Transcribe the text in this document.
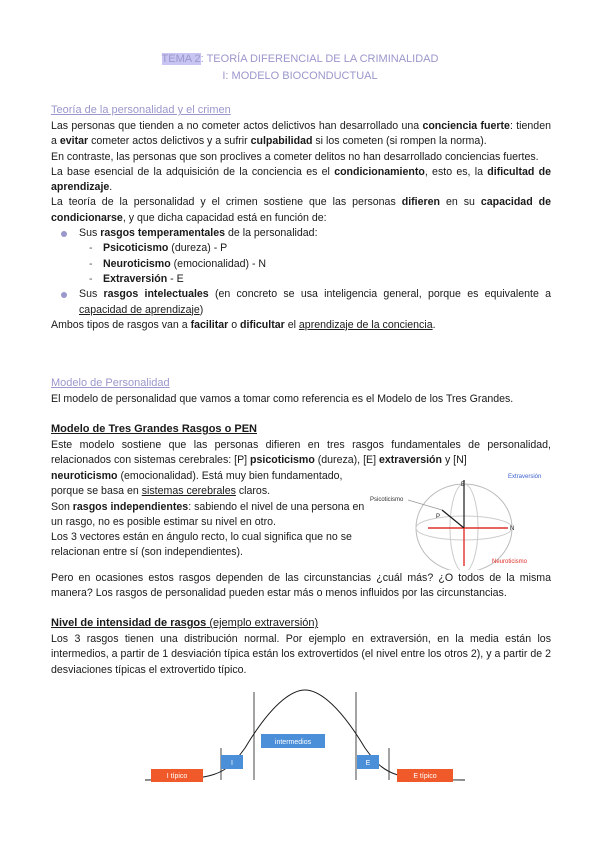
TEMA 2: TEORÍA DIFERENCIAL DE LA CRIMINALIDAD
I: MODELO BIOCONDUCTUAL
Teoría de la personalidad y el crimen

Las personas que tienden a no cometer actos delictivos han desarrollado una conciencia fuerte: tienden a evitar cometer actos delictivos y a sufrir culpabilidad si los cometen (si rompen la norma).

En contraste, las personas que son proclives a cometer delitos no han desarrollado conciencias fuertes.

La base esencial de la adquisición de la conciencia es el condicionamiento, esto es, la dificultad de aprendizaje.

La teoría de la personalidad y el crimen sostiene que las personas difieren en su capacidad de condicionarse, y que dicha capacidad está en función de:

Sus rasgos temperamentales de la personalidad:
- Psicoticismo (dureza) - P
- Neuroticismo (emocionalidad) - N
- Extraversión - E
Sus rasgos intelectuales (en concreto se usa inteligencia general, porque es equivalente a capacidad de aprendizaje)

Ambos tipos de rasgos van a facilitar o dificultar el aprendizaje de la conciencia.

Modelo de Personalidad
El modelo de personalidad que vamos a tomar como referencia es el Modelo de los Tres Grandes.
Modelo de Tres Grandes Rasgos o PEN
Este modelo sostiene que las personas difieren en tres rasgos fundamentales de personalidad, relacionados con sistemas cerebrales: [P] psicoticismo (dureza), [E] extraversión y [N]

neuroticismo (emocionalidad). Está muy bien fundamentado, porque se basa en sistemas cerebrales claros.

Son rasgos independientes: sabiendo el nivel de una persona en un rasgo, no es posible estimar su nivel en otro.

Los 3 vectores están en ángulo recto, lo cual significa que no se relacionan entre sí (son independientes).

Pero en ocasiones estos rasgos dependen de las circunstancias ¿cuál más? ¿O todos de la misma manera? Los rasgos de personalidad pueden estar más o menos influidos por las circunstancias.
Psicoticismo
Extraversión
Neuroticismo
E
N
P
Nivel de intensidad de rasgos (ejemplo extraversión)
Los 3 rasgos tienen una distribución normal. Por ejemplo en extraversión, en la media están los intermedios, a partir de 1 desviación típica están los extrovertidos (el nivel entre los otros 2), y a partir de 2 desviaciones típicas el extrovertido típico.
intermedios
I	E
I típico	E típico
